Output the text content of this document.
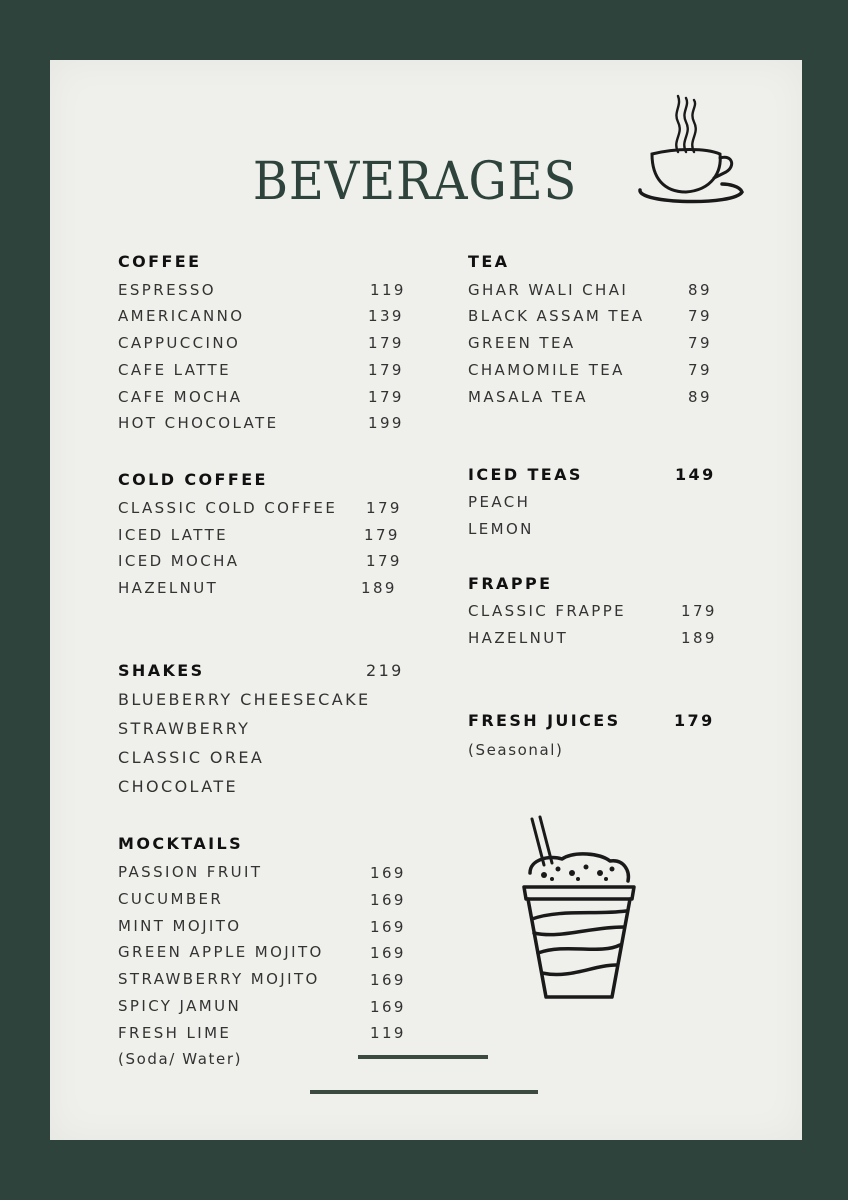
BEVERAGES
COFFEE
ESPRESSO	119
AMERICANNO	139
CAPPUCCINO	179
CAFE LATTE	179
CAFE MOCHA	179
HOT CHOCOLATE	199
COLD COFFEE
CLASSIC COLD COFFEE 179
ICED LATTE	179
ICED MOCHA	179
HAZELNUT	189
SHAKES	219
BLUEBERRY CHEESECAKE
STRAWBERRY
CLASSIC OREA
CHOCOLATE
MOCKTAILS
PASSION FRUIT	169
CUCUMBER	169
MINT MOJITO	169
GREEN APPLE MOJITO	169
STRAWBERRY MOJITO	169
SPICY JAMUN	169
FRESH LIME	119
(Soda/ Water)
TEA
GHAR WALI CHAI	89
BLACK ASSAM TEA	79
GREEN TEA	79
CHAMOMILE TEA	79
MASALA TEA	89
ICED TEAS	149
PEACH
LEMON
FRAPPE
CLASSIC FRAPPE	179
HAZELNUT	189
FRESH JUICES	179
(Seasonal)
